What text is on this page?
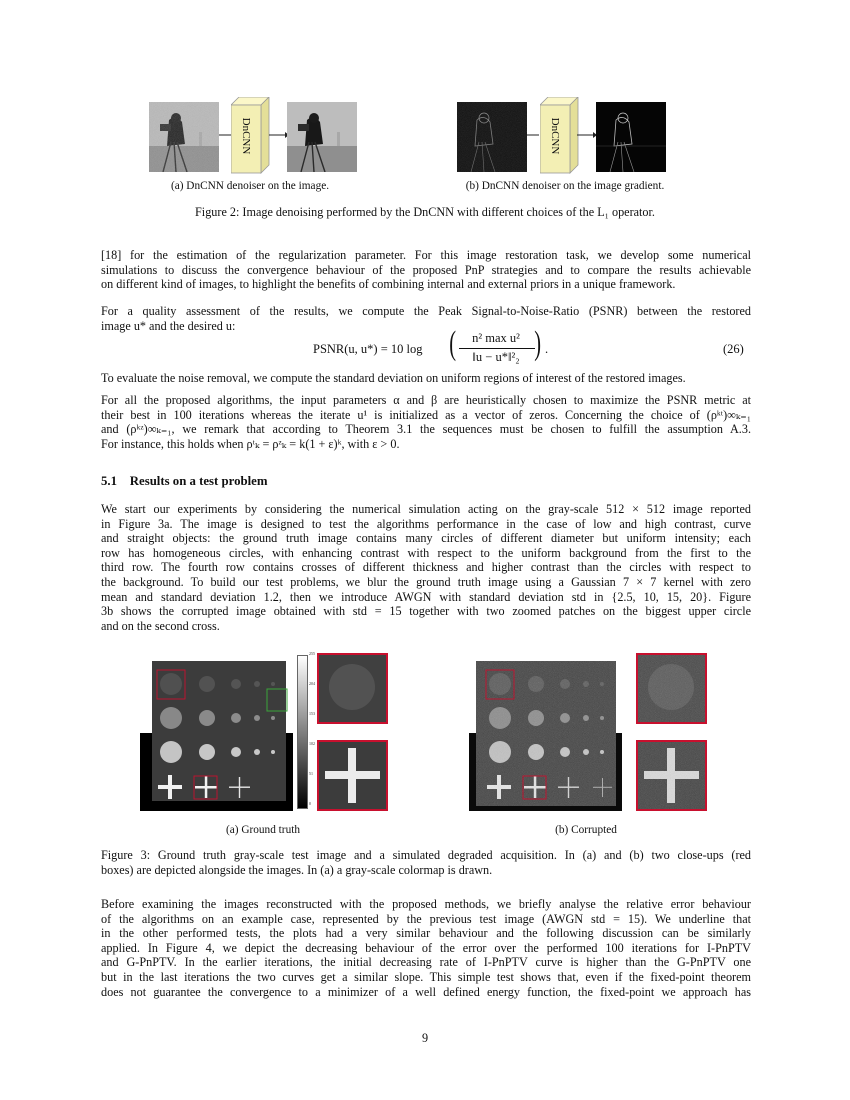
DnCNN	DnCNN
(a) DnCNN denoiser on the image.	(b) DnCNN denoiser on the image gradient.
Figure 2: Image denoising performed by the DnCNN with different choices of the L₁ operator.
[18] for the estimation of the regularization parameter. For this image restoration task, we develop some numerical
simulations to discuss the convergence behaviour of the proposed PnP strategies and to compare the results achievable
on different kind of images, to highlight the benefits of combining internal and external priors in a unique framework.
For a quality assessment of the results, we compute the Peak Signal-to-Noise-Ratio (PSNR) between the restored
image u* and the desired u:
PSNR(u, u*) = 10 log (	n² max u²
‖u − u*‖²₂ ) .	(26)
To evaluate the noise removal, we compute the standard deviation on uniform regions of interest of the restored images.
For all the proposed algorithms, the input parameters α and β are heuristically chosen to maximize the PSNR metric at
their best in 100 iterations whereas the iterate u¹ is initialized as a vector of zeros. Concerning the choice of (ρᵏᵗ)∞ₖ₌₁
and (ρᵏᶻ)∞ₖ₌₁, we remark that according to Theorem 3.1 the sequences must be chosen to fulfill the assumption A.3.
For instance, this holds when ρᵗₖ = ρᶻₖ = k(1 + ε)ᵏ, with ε > 0.
5.1    Results on a test problem
We start our experiments by considering the numerical simulation acting on the gray-scale 512 × 512 image reported
in Figure 3a. The image is designed to test the algorithms performance in the case of low and high contrast, curve
and straight objects: the ground truth image contains many circles of different diameter but uniform intensity; each
row has homogeneous circles, with enhancing contrast with respect to the uniform background from the first to the
third row. The fourth row contains crosses of different thickness and higher contrast than the circles with respect to
the background. To build our test problems, we blur the ground truth image using a Gaussian 7 × 7 kernel with zero
mean and standard deviation 1.2, then we introduce AWGN with standard deviation std in {2.5, 10, 15, 20}. Figure
3b shows the corrupted image obtained with std = 15 together with two zoomed patches on the biggest upper circle
and on the second cross.
255
204
153
102
51
0
(a) Ground truth	(b) Corrupted
Figure 3: Ground truth gray-scale test image and a simulated degraded acquisition. In (a) and (b) two close-ups (red
boxes) are depicted alongside the images. In (a) a gray-scale colormap is drawn.
Before examining the images reconstructed with the proposed methods, we briefly analyse the relative error behaviour
of the algorithms on an example case, represented by the previous test image (AWGN std = 15). We underline that
in the other performed tests, the plots had a very similar behaviour and the following discussion can be similarly
applied. In Figure 4, we depict the decreasing behaviour of the error over the performed 100 iterations for I-PnPTV
and G-PnPTV. In the earlier iterations, the initial decreasing rate of I-PnPTV curve is higher than the G-PnPTV one
but in the last iterations the two curves get a similar slope. This simple test shows that, even if the fixed-point theorem
does not guarantee the convergence to a minimizer of a well defined energy function, the fixed-point we approach has
9
